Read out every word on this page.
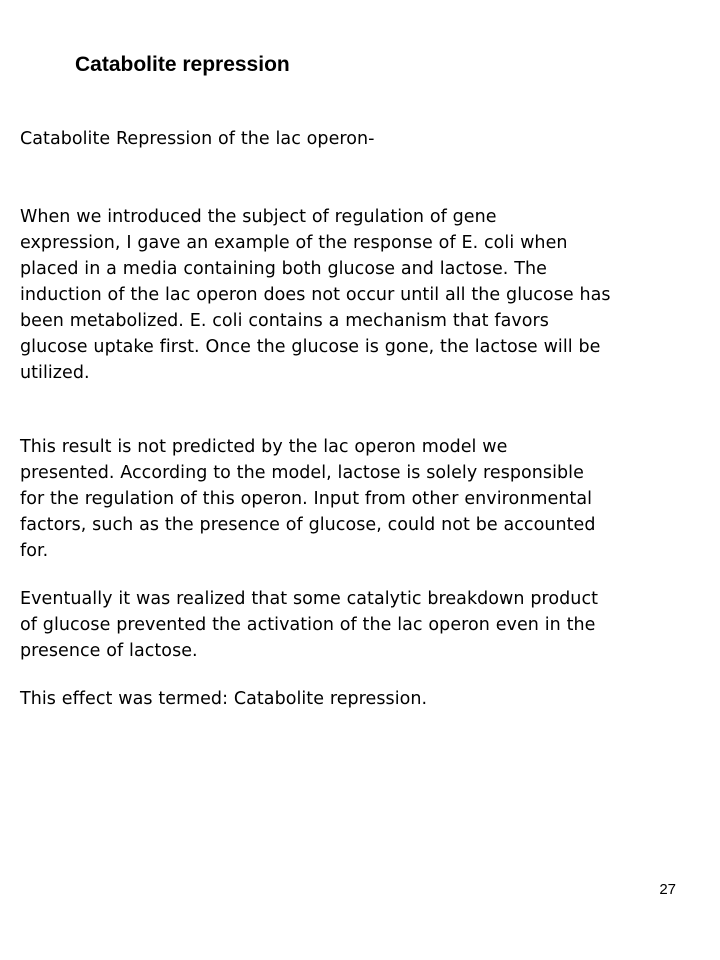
Catabolite repression

Catabolite Repression of the lac operon-

When we introduced the subject of regulation of gene
expression, I gave an example of the response of E. coli when
placed in a media containing both glucose and lactose. The
induction of the lac operon does not occur until all the glucose has
been metabolized. E. coli contains a mechanism that favors
glucose uptake first. Once the glucose is gone, the lactose will be
utilized.

This result is not predicted by the lac operon model we
presented. According to the model, lactose is solely responsible
for the regulation of this operon. Input from other environmental
factors, such as the presence of glucose, could not be accounted
for.

Eventually it was realized that some catalytic breakdown product
of glucose prevented the activation of the lac operon even in the
presence of lactose.

This effect was termed: Catabolite repression.

27
